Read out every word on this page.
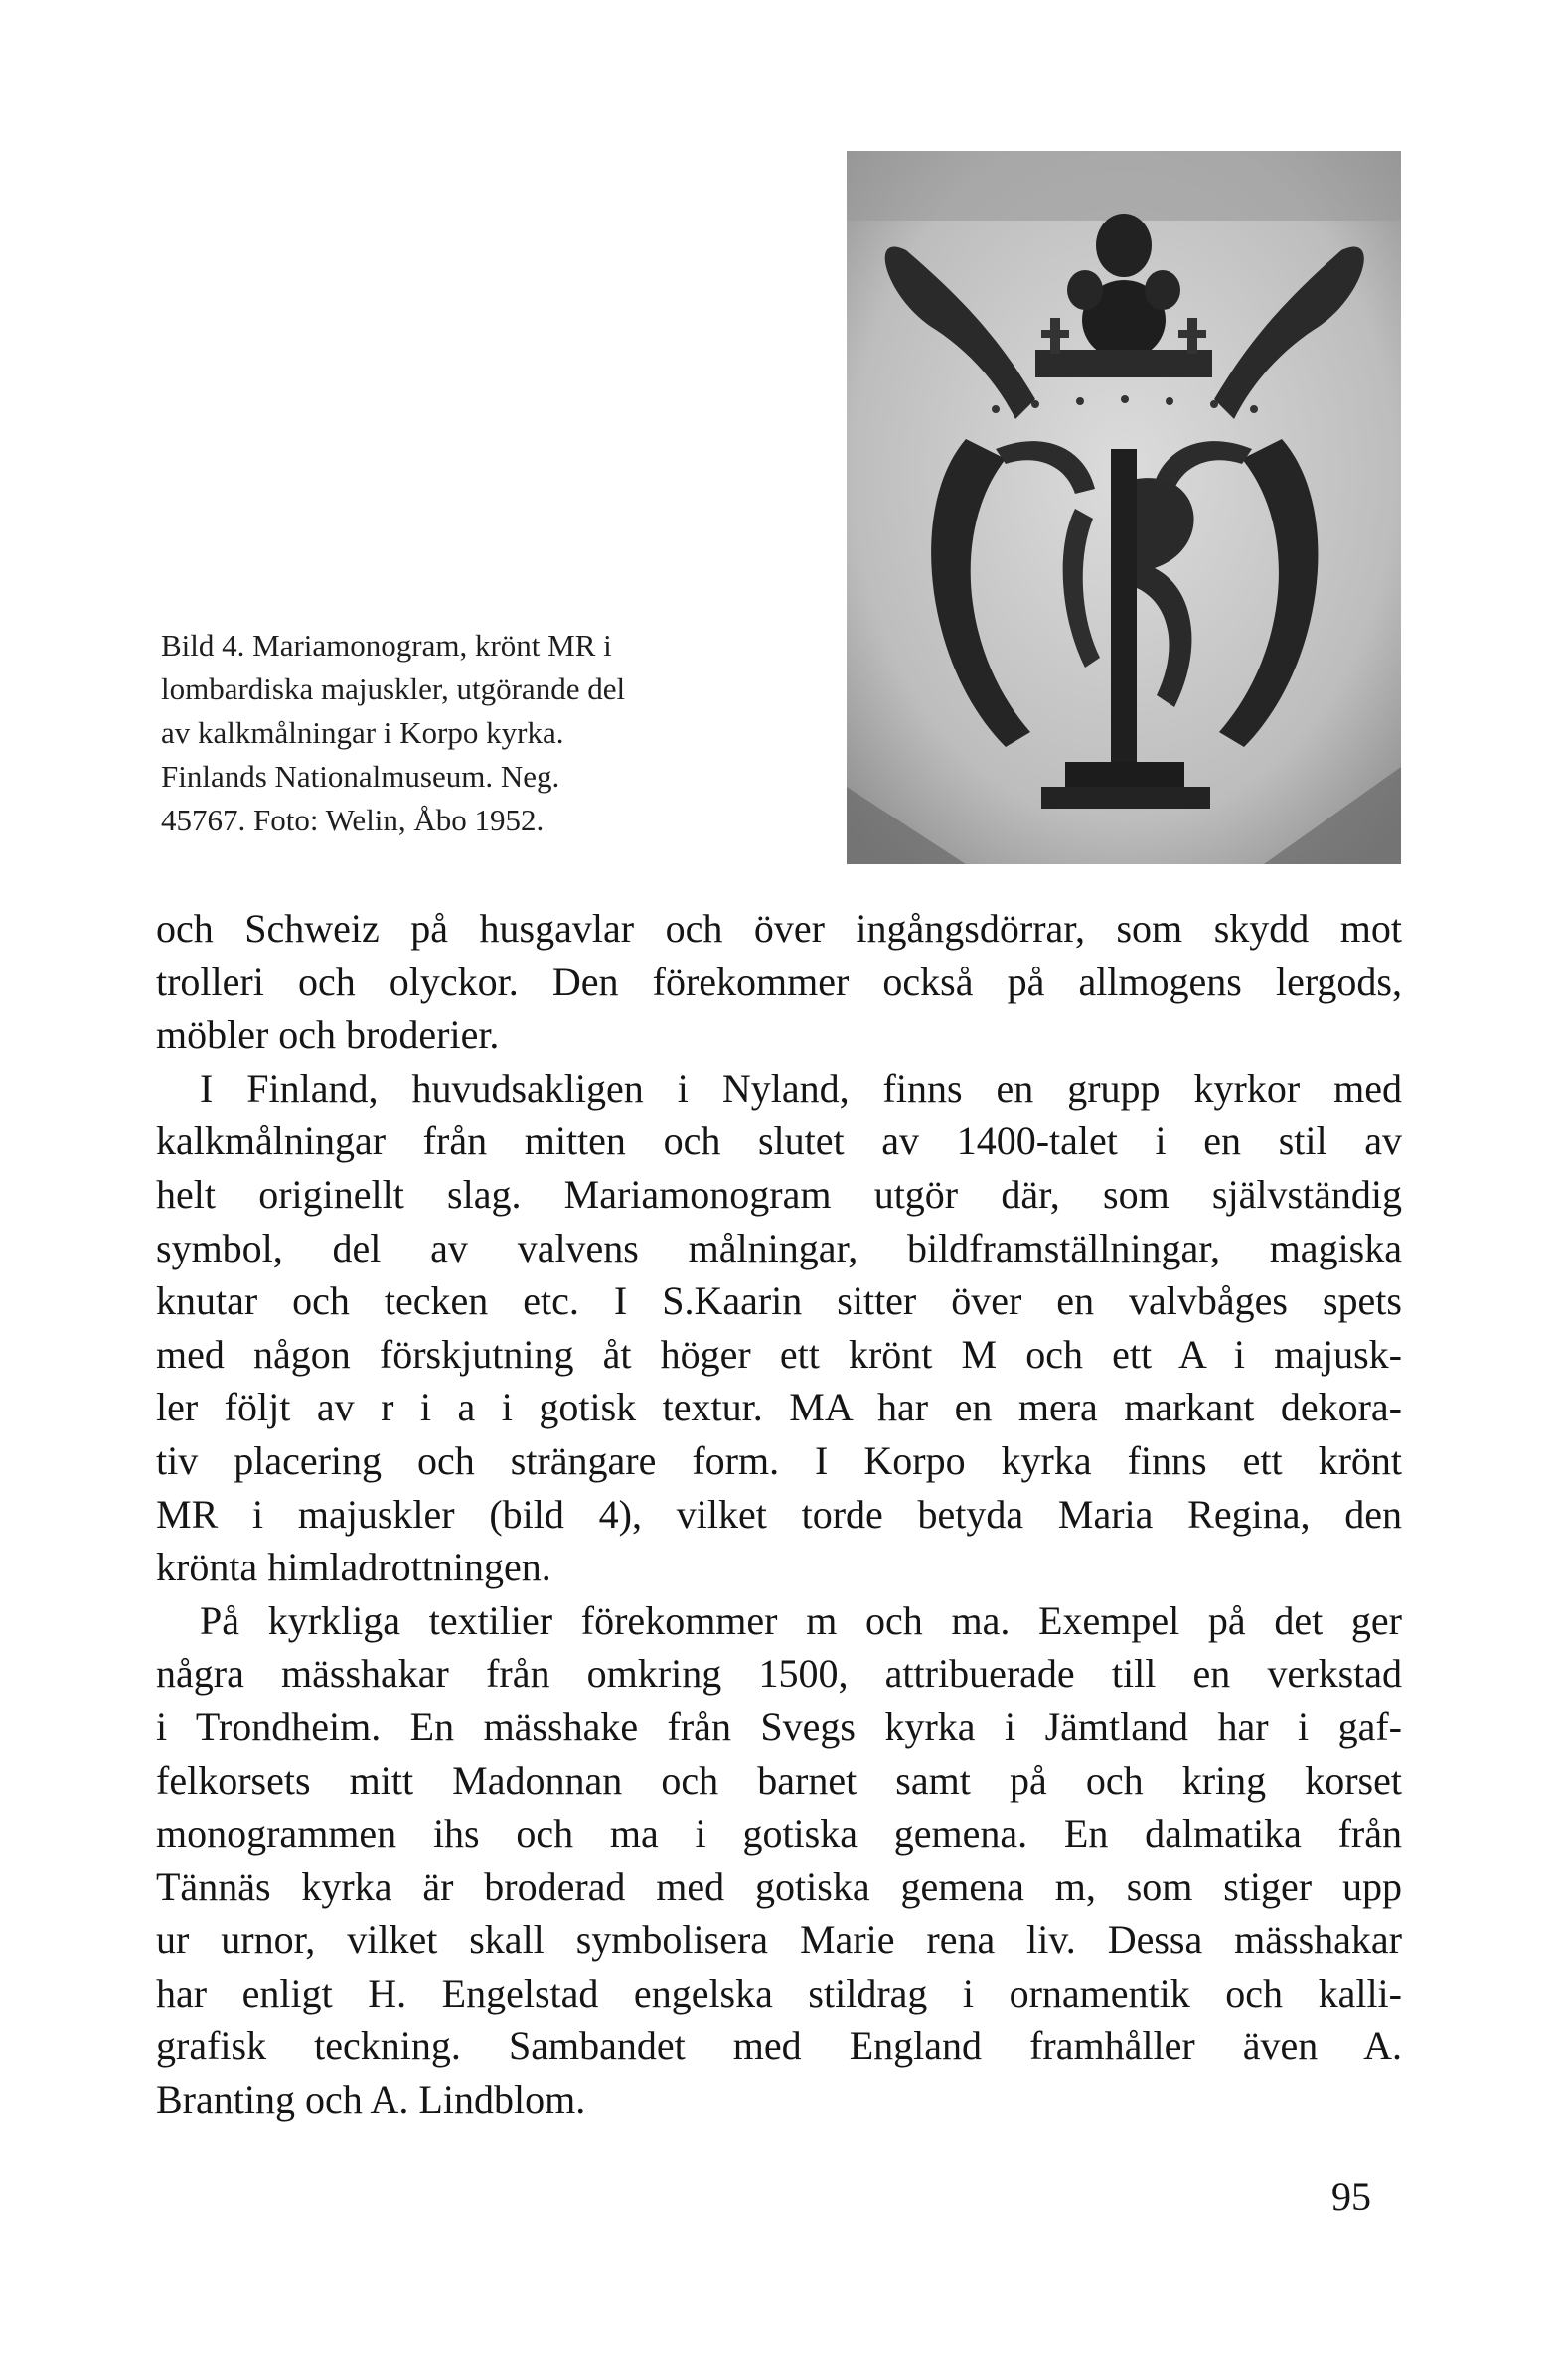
Bild 4. Mariamonogram, krönt MR i
lombardiska majuskler, utgörande del
av kalkmålningar i Korpo kyrka.
Finlands Nationalmuseum. Neg.
45767. Foto: Welin, Åbo 1952.
och Schweiz på husgavlar och över ingångsdörrar, som skydd mot
trolleri och olyckor. Den förekommer också på allmogens lergods,
möbler och broderier.
I Finland, huvudsakligen i Nyland, finns en grupp kyrkor med
kalkmålningar från mitten och slutet av 1400-talet i en stil av
helt originellt slag. Mariamonogram utgör där, som självständig
symbol, del av valvens målningar, bildframställningar, magiska
knutar och tecken etc. I S.Kaarin sitter över en valvbåges spets
med någon förskjutning åt höger ett krönt M och ett A i majusk-
ler följt av r i a i gotisk textur. MA har en mera markant dekora-
tiv placering och strängare form. I Korpo kyrka finns ett krönt
MR i majuskler (bild 4), vilket torde betyda Maria Regina, den
krönta himladrottningen.
På kyrkliga textilier förekommer m och ma. Exempel på det ger
några mässhakar från omkring 1500, attribuerade till en verkstad
i Trondheim. En mässhake från Svegs kyrka i Jämtland har i gaf-
felkorsets mitt Madonnan och barnet samt på och kring korset
monogrammen ihs och ma i gotiska gemena. En dalmatika från
Tännäs kyrka är broderad med gotiska gemena m, som stiger upp
ur urnor, vilket skall symbolisera Marie rena liv. Dessa mässhakar
har enligt H. Engelstad engelska stildrag i ornamentik och kalli-
grafisk teckning. Sambandet med England framhåller även A.
Branting och A. Lindblom.
95
